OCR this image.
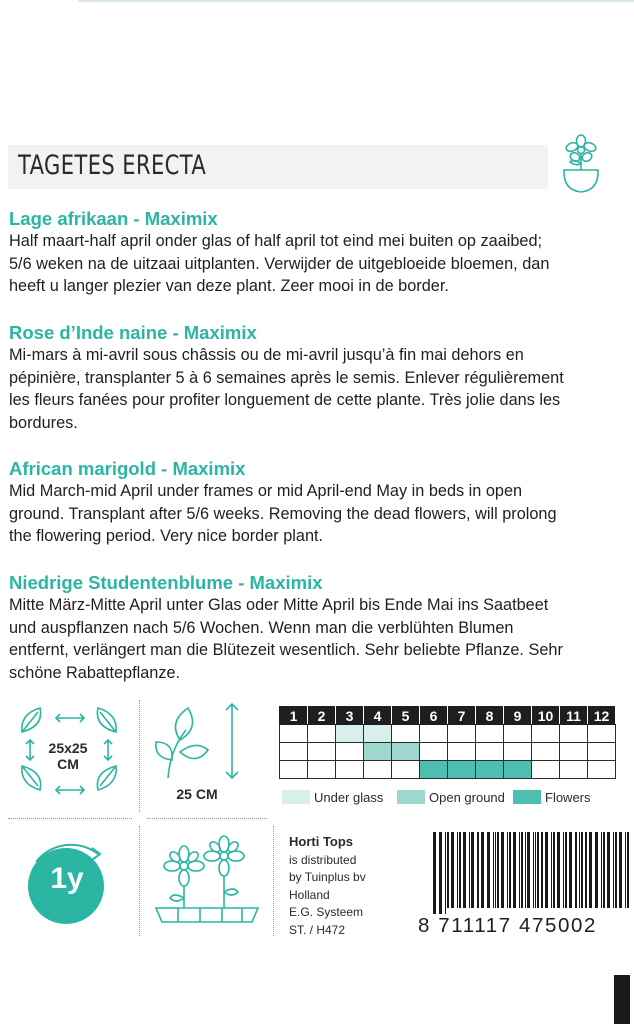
TAGETES ERECTA
Lage afrikaan - Maximix

Half maart-half april onder glas of half april tot eind mei buiten op zaaibed;
5/6 weken na de uitzaai uitplanten. Verwijder de uitgebloeide bloemen, dan
heeft u langer plezier van deze plant. Zeer mooi in de border.

Rose d’Inde naine - Maximix

Mi-mars à mi-avril sous châssis ou de mi-avril jusqu’à fin mai dehors en
pépinière, transplanter 5 à 6 semaines après le semis. Enlever régulièrement
les fleurs fanées pour profiter longuement de cette plante. Très jolie dans les
bordures.

African marigold - Maximix

Mid March-mid April under frames or mid April-end May in beds in open
ground. Transplant after 5/6 weeks. Removing the dead flowers, will prolong
the flowering period. Very nice border plant.

Niedrige Studentenblume - Maximix

Mitte März-Mitte April unter Glas oder Mitte April bis Ende Mai ins Saatbeet
und auspflanzen nach 5/6 Wochen. Wenn man die verblühten Blumen
entfernt, verlängert man die Blütezeit wesentlich. Sehr beliebte Pflanze. Sehr
schöne Rabattepflanze.

25x25
CM
25 CM
1y
1	2	3	4	5	6	7	8	9	10	11	12

Under glass	Open ground	Flowers
Horti Tops
is distributed
by Tuinplus bv
Holland
E.G. Systeem
ST. / H472	8 711117 475002
